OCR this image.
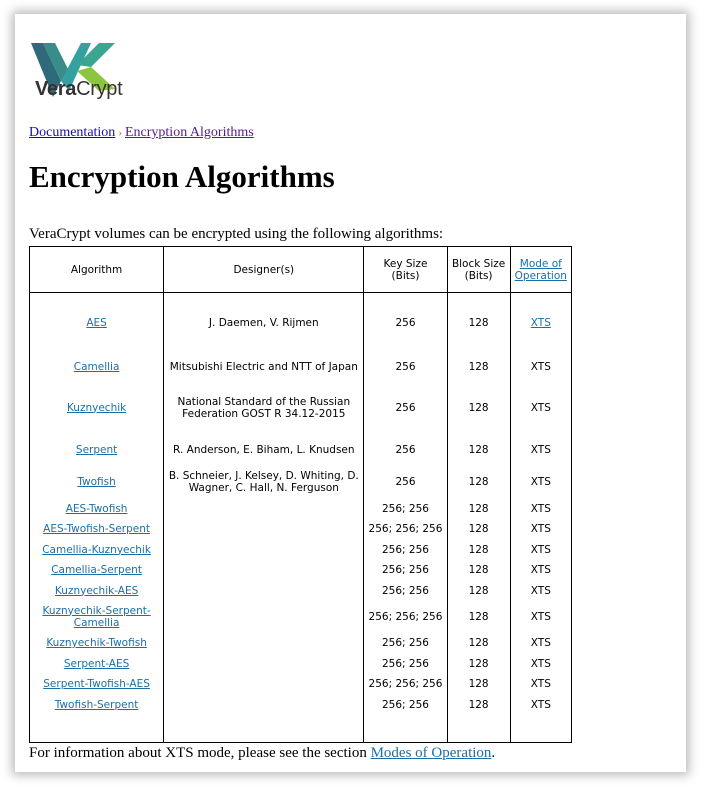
VeraCrypt
Documentation › Encryption Algorithms
Encryption Algorithms

VeraCrypt volumes can be encrypted using the following algorithms:

Algorithm	Designer(s)	Key Size (Bits)	Block Size (Bits)	Mode of Operation
AES	J. Daemen, V. Rijmen	256	128	XTS
Camellia	Mitsubishi Electric and NTT of Japan	256	128	XTS
Kuznyechik	National Standard of the Russian Federation GOST R 34.12-2015	256	128	XTS
Serpent	R. Anderson, E. Biham, L. Knudsen	256	128	XTS
Twofish	B. Schneier, J. Kelsey, D. Whiting, D. Wagner, C. Hall, N. Ferguson	256	128	XTS
AES-Twofish		256; 256	128	XTS
AES-Twofish-Serpent		256; 256; 256	128	XTS
Camellia-Kuznyechik		256; 256	128	XTS
Camellia-Serpent		256; 256	128	XTS
Kuznyechik-AES		256; 256	128	XTS
Kuznyechik-Serpent-Camellia		256; 256; 256	128	XTS
Kuznyechik-Twofish		256; 256	128	XTS
Serpent-AES		256; 256	128	XTS
Serpent-Twofish-AES		256; 256; 256	128	XTS
Twofish-Serpent		256; 256	128	XTS

For information about XTS mode, please see the section Modes of Operation.
